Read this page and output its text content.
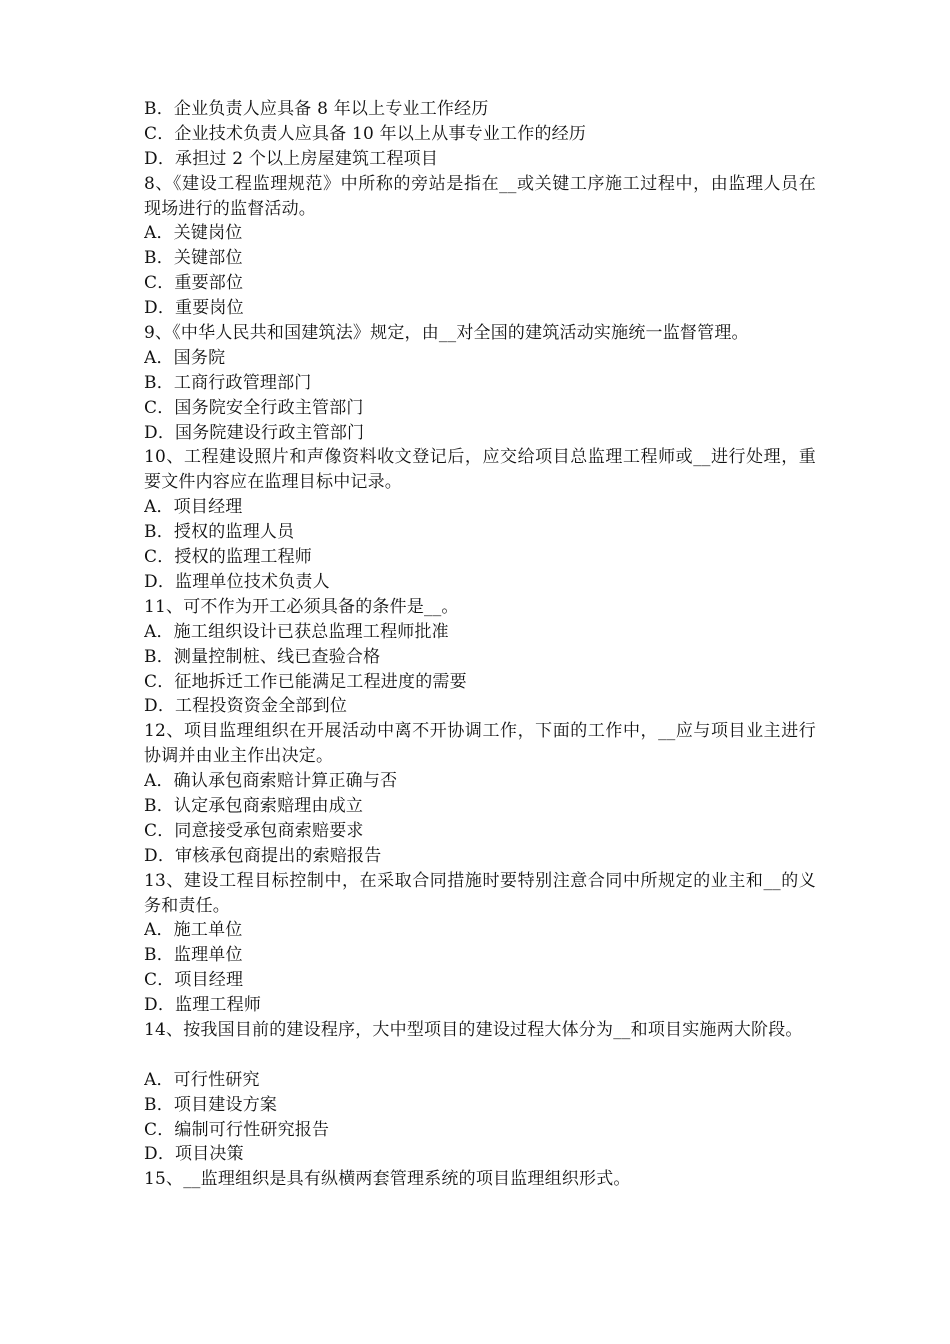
B．企业负责人应具备 8 年以上专业工作经历
C．企业技术负责人应具备 10 年以上从事专业工作的经历
D．承担过 2 个以上房屋建筑工程项目
8、《建设工程监理规范》中所称的旁站是指在__或关键工序施工过程中，由监理人员在现场进行的监督活动。
A．关键岗位
B．关键部位
C．重要部位
D．重要岗位
9、《中华人民共和国建筑法》规定，由__对全国的建筑活动实施统一监督管理。
A．国务院
B．工商行政管理部门
C．国务院安全行政主管部门
D．国务院建设行政主管部门
10、工程建设照片和声像资料收文登记后，应交给项目总监理工程师或__进行处理，重要文件内容应在监理目标中记录。
A．项目经理
B．授权的监理人员
C．授权的监理工程师
D．监理单位技术负责人
11、可不作为开工必须具备的条件是__。
A．施工组织设计已获总监理工程师批准
B．测量控制桩、线已查验合格
C．征地拆迁工作已能满足工程进度的需要
D．工程投资资金全部到位
12、项目监理组织在开展活动中离不开协调工作，下面的工作中，__应与项目业主进行协调并由业主作出决定。
A．确认承包商索赔计算正确与否
B．认定承包商索赔理由成立
C．同意接受承包商索赔要求
D．审核承包商提出的索赔报告
13、建设工程目标控制中，在采取合同措施时要特别注意合同中所规定的业主和__的义务和责任。
A．施工单位
B．监理单位
C．项目经理
D．监理工程师
14、按我国目前的建设程序，大中型项目的建设过程大体分为__和项目实施两大阶段。
A．可行性研究
B．项目建设方案
C．编制可行性研究报告
D．项目决策
15、__监理组织是具有纵横两套管理系统的项目监理组织形式。
